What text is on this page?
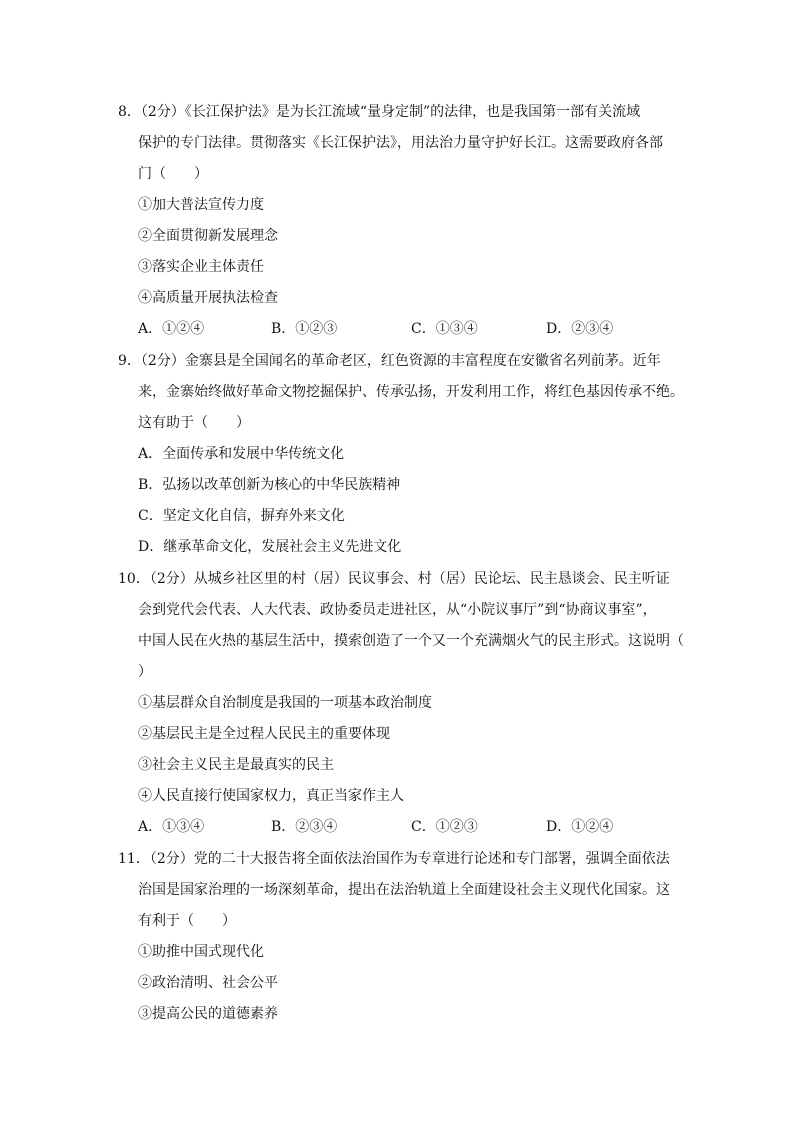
8．（2分）《长江保护法》是为长江流域“量身定制”的法律，也是我国第一部有关流域
保护的专门法律。贯彻落实《长江保护法》，用法治力量守护好长江。这需要政府各部
门（　　）
①加大普法宣传力度
②全面贯彻新发展理念
③落实企业主体责任
④高质量开展执法检查
A．①②④	B．①②③	C．①③④	D．②③④
9．（2分）金寨县是全国闻名的革命老区，红色资源的丰富程度在安徽省名列前茅。近年
来，金寨始终做好革命文物挖掘保护、传承弘扬，开发利用工作，将红色基因传承不绝。
这有助于（　　）
A．全面传承和发展中华传统文化
B．弘扬以改革创新为核心的中华民族精神
C．坚定文化自信，摒弃外来文化
D．继承革命文化，发展社会主义先进文化
10．（2分）从城乡社区里的村（居）民议事会、村（居）民论坛、民主恳谈会、民主听证
会到党代会代表、人大代表、政协委员走进社区，从“小院议事厅”到“协商议事室”，
中国人民在火热的基层生活中，摸索创造了一个又一个充满烟火气的民主形式。这说明（
）
①基层群众自治制度是我国的一项基本政治制度
②基层民主是全过程人民民主的重要体现
③社会主义民主是最真实的民主
④人民直接行使国家权力，真正当家作主人
A．①③④	B．②③④	C．①②③	D．①②④
11．（2分）党的二十大报告将全面依法治国作为专章进行论述和专门部署，强调全面依法
治国是国家治理的一场深刻革命，提出在法治轨道上全面建设社会主义现代化国家。这
有利于（　　）
①助推中国式现代化
②政治清明、社会公平
③提高公民的道德素养
